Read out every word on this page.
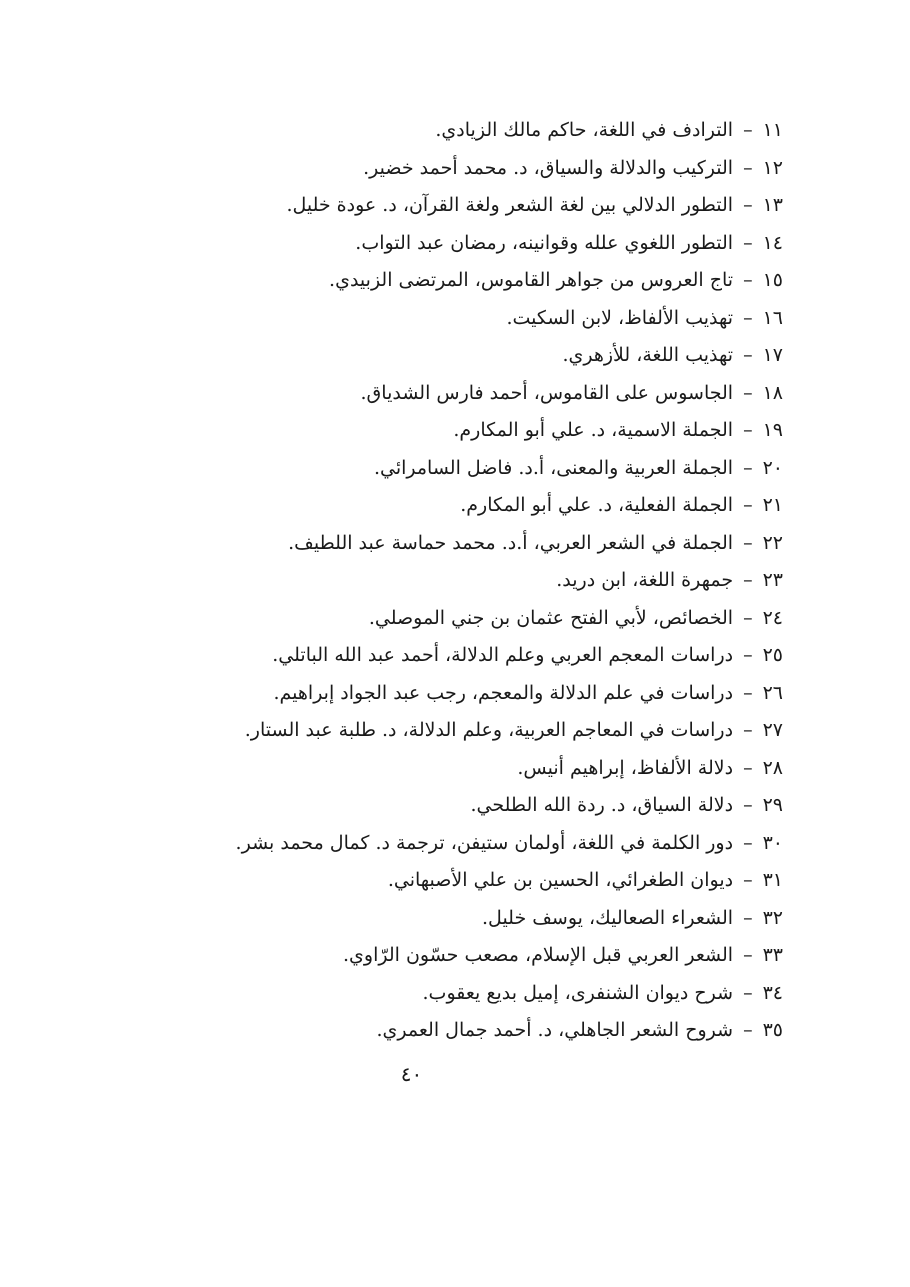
١١–الترادف في اللغة، حاكم مالك الزيادي.
١٢–التركيب والدلالة والسياق، د. محمد أحمد خضير.
١٣–التطور الدلالي بين لغة الشعر ولغة القرآن، د. عودة خليل.
١٤–التطور اللغوي علله وقوانينه، رمضان عبد التواب.
١٥–تاج العروس من جواهر القاموس، المرتضى الزبيدي.
١٦–تهذيب الألفاظ، لابن السكيت.
١٧–تهذيب اللغة، للأزهري.
١٨–الجاسوس على القاموس، أحمد فارس الشدياق.
١٩–الجملة الاسمية، د. علي أبو المكارم.
٢٠–الجملة العربية والمعنى، أ.د. فاضل السامرائي.
٢١–الجملة الفعلية، د. علي أبو المكارم.
٢٢–الجملة في الشعر العربي، أ.د. محمد حماسة عبد اللطيف.
٢٣–جمهرة اللغة، ابن دريد.
٢٤–الخصائص، لأبي الفتح عثمان بن جني الموصلي.
٢٥–دراسات المعجم العربي وعلم الدلالة، أحمد عبد الله الباتلي.
٢٦–دراسات في علم الدلالة والمعجم، رجب عبد الجواد إبراهيم.
٢٧–دراسات في المعاجم العربية، وعلم الدلالة، د. طلبة عبد الستار.
٢٨–دلالة الألفاظ، إبراهيم أنيس.
٢٩–دلالة السياق، د. ردة الله الطلحي.
٣٠–دور الكلمة في اللغة، أولمان ستيفن، ترجمة د. كمال محمد بشر.
٣١–ديوان الطغرائي، الحسين بن علي الأصبهاني.
٣٢–الشعراء الصعاليك، يوسف خليل.
٣٣–الشعر العربي قبل الإسلام، مصعب حسّون الرّاوي.
٣٤–شرح ديوان الشنفرى، إميل بديع يعقوب.
٣٥–شروح الشعر الجاهلي، د. أحمد جمال العمري.
٤٠
